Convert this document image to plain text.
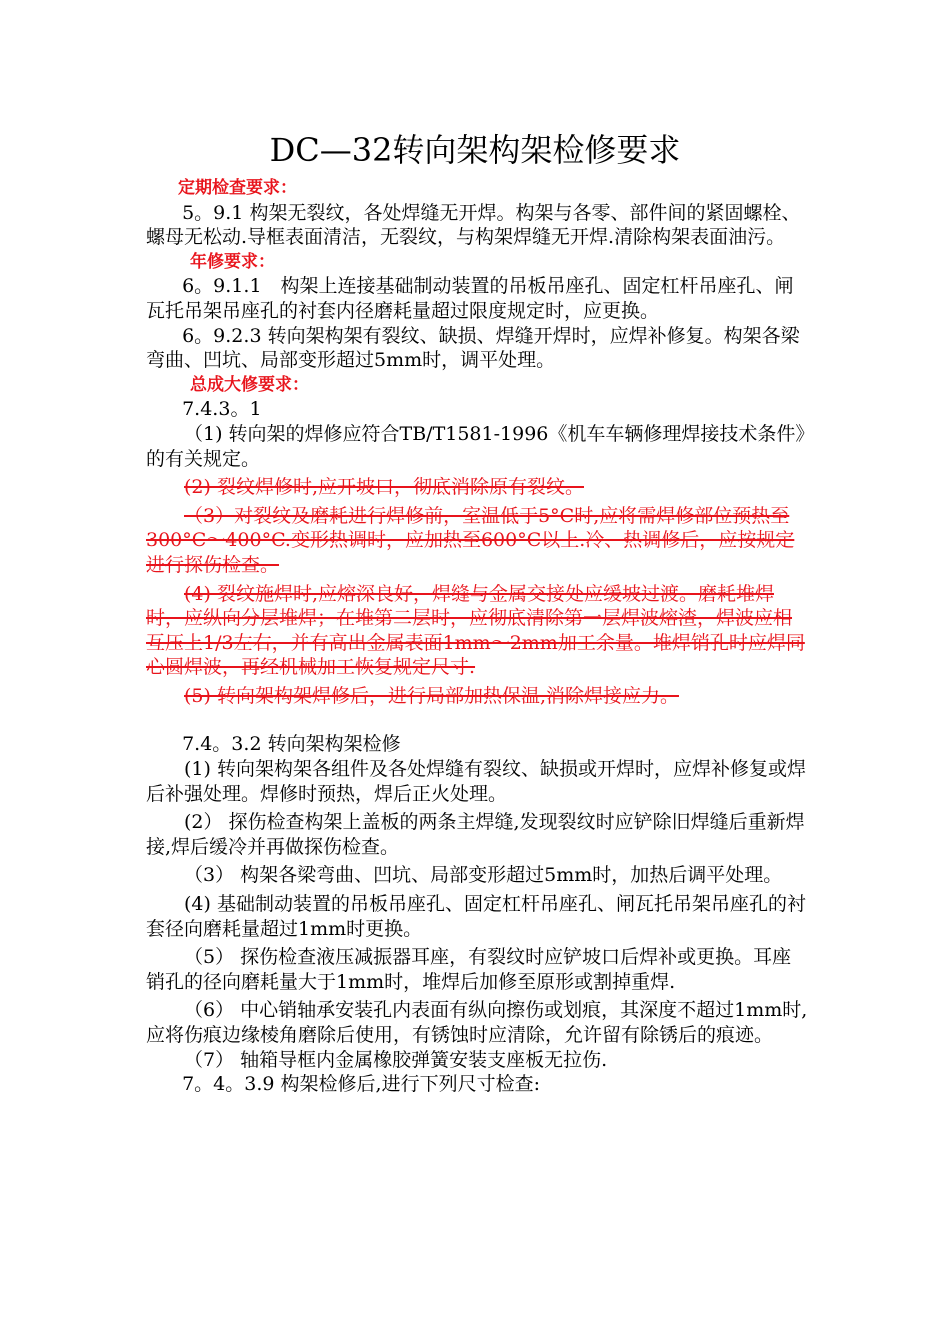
DC—32转向架构架检修要求

定期检查要求：

5。9.1 构架无裂纹，各处焊缝无开焊。构架与各零、部件间的紧固螺栓、螺母无松动.导框表面清洁，无裂纹，与构架焊缝无开焊.清除构架表面油污。

年修要求：

6。9.1.1　构架上连接基础制动装置的吊板吊座孔、固定杠杆吊座孔、闸瓦托吊架吊座孔的衬套内径磨耗量超过限度规定时，应更换。

6。9.2.3 转向架构架有裂纹、缺损、焊缝开焊时，应焊补修复。构架各梁弯曲、凹坑、局部变形超过5mm时，调平处理。

总成大修要求：

7.4.3。1

（1) 转向架的焊修应符合TB/T1581-1996《机车车辆修理焊接技术条件》的有关规定。

(2) 裂纹焊修时,应开坡口，彻底消除原有裂纹。

（3）对裂纹及磨耗进行焊修前，室温低于5°C时,应将需焊修部位预热至300°C～400°C.变形热调时，应加热至600°C以上.冷、热调修后，应按规定进行探伤检查。

(4) 裂纹施焊时,应熔深良好，焊缝与金属交接处应缓坡过渡。磨耗堆焊时，应纵向分层堆焊；在堆第二层时，应彻底清除第一层焊波熔渣，焊波应相互压上1/3左右，并有高出金属表面1mm～2mm加工余量。堆焊销孔时应焊同心圆焊波，再经机械加工恢复规定尺寸.

(5) 转向架构架焊修后，进行局部加热保温,消除焊接应力。

7.4。3.2 转向架构架检修

(1) 转向架构架各组件及各处焊缝有裂纹、缺损或开焊时，应焊补修复或焊后补强处理。焊修时预热，焊后正火处理。

(2） 探伤检查构架上盖板的两条主焊缝,发现裂纹时应铲除旧焊缝后重新焊接,焊后缓冷并再做探伤检查。

（3） 构架各梁弯曲、凹坑、局部变形超过5mm时，加热后调平处理。

(4) 基础制动装置的吊板吊座孔、固定杠杆吊座孔、闸瓦托吊架吊座孔的衬套径向磨耗量超过1mm时更换。

（5） 探伤检查液压减振器耳座，有裂纹时应铲坡口后焊补或更换。耳座销孔的径向磨耗量大于1mm时，堆焊后加修至原形或割掉重焊.

（6） 中心销轴承安装孔内表面有纵向擦伤或划痕，其深度不超过1mm时,应将伤痕边缘棱角磨除后使用，有锈蚀时应清除，允许留有除锈后的痕迹。

（7） 轴箱导框内金属橡胶弹簧安装支座板无拉伤.

7。4。3.9 构架检修后,进行下列尺寸检查:
